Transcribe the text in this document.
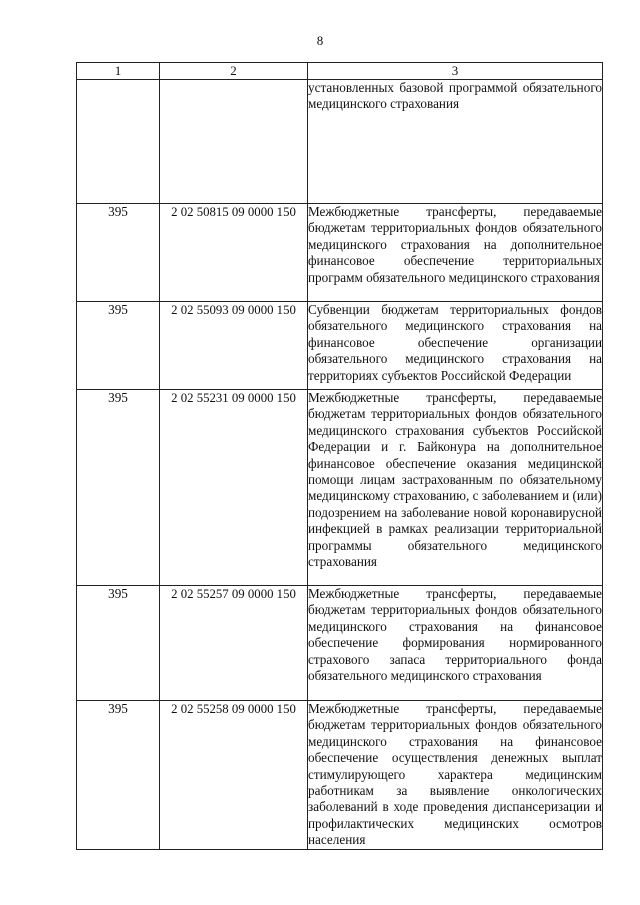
8
1	2	3
		установленных базовой программой обязательного медицинского страхования
395	2 02 50815 09 0000 150	Межбюджетные трансферты, передаваемые бюджетам территориальных фондов обязательного медицинского страхования на дополнительное финансовое обеспечение территориальных программ обязательного медицинского страхования
395	2 02 55093 09 0000 150	Субвенции бюджетам территориальных фондов обязательного медицинского страхования на финансовое обеспечение организации обязательного медицинского страхования на территориях субъектов Российской Федерации
395	2 02 55231 09 0000 150	Межбюджетные трансферты, передаваемые бюджетам территориальных фондов обязательного медицинского страхования субъектов Российской Федерации и г. Байконура на дополнительное финансовое обеспечение оказания медицинской помощи лицам застрахованным по обязательному медицинскому страхованию, с заболеванием и (или) подозрением на заболевание новой коронавирусной инфекцией в рамках реализации территориальной программы обязательного медицинского страхования
395	2 02 55257 09 0000 150	Межбюджетные трансферты, передаваемые бюджетам территориальных фондов обязательного медицинского страхования на финансовое обеспечение формирования нормированного страхового запаса территориального фонда обязательного медицинского страхования
395	2 02 55258 09 0000 150	Межбюджетные трансферты, передаваемые бюджетам территориальных фондов обязательного медицинского страхования на финансовое обеспечение осуществления денежных выплат стимулирующего характера медицинским работникам за выявление онкологических заболеваний в ходе проведения диспансеризации и профилактических медицинских осмотров населения
